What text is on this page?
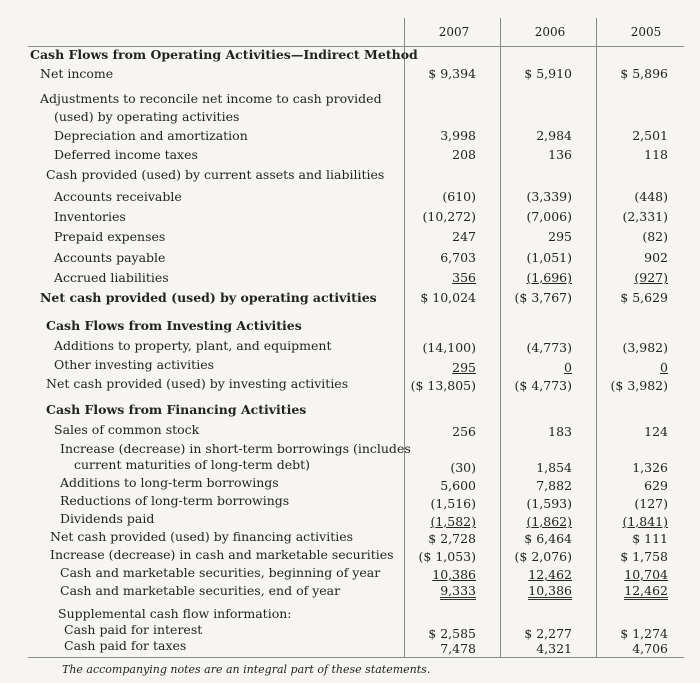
2007	2006	2005
Cash Flows from Operating Activities—Indirect Method
Net income	$ 9,394	$ 5,910	$ 5,896
Adjustments to reconcile net income to cash provided
(used) by operating activities
Depreciation and amortization	3,998	2,984	2,501
Deferred income taxes	208	136	118
Cash provided (used) by current assets and liabilities
Accounts receivable	(610)	(3,339)	(448)
Inventories	(10,272)	(7,006)	(2,331)
Prepaid expenses	247	295	(82)
Accounts payable	6,703	(1,051)	902
Accrued liabilities	356	(1,696)	(927)
Net cash provided (used) by operating activities	$ 10,024	($ 3,767)	$ 5,629
Cash Flows from Investing Activities
Additions to property, plant, and equipment	(14,100)	(4,773)	(3,982)
Other investing activities	295	0	0
Net cash provided (used) by investing activities	($ 13,805)	($ 4,773)	($ 3,982)
Cash Flows from Financing Activities
Sales of common stock	256	183	124
Increase (decrease) in short-term borrowings (includes
current maturities of long-term debt)	(30)	1,854	1,326
Additions to long-term borrowings	5,600	7,882	629
Reductions of long-term borrowings	(1,516)	(1,593)	(127)
Dividends paid	(1,582)	(1,862)	(1,841)
Net cash provided (used) by financing activities	$ 2,728	$ 6,464	$ 111
Increase (decrease) in cash and marketable securities ($ 1,053)	($ 2,076)	$ 1,758
Cash and marketable securities, beginning of year	10,386	12,462	10,704
Cash and marketable securities, end of year	9,333	10,386	12,462
Supplemental cash flow information:
Cash paid for interest	$ 2,585	$ 2,277	$ 1,274
Cash paid for taxes	7,478	4,321	4,706
The accompanying notes are an integral part of these statements.
